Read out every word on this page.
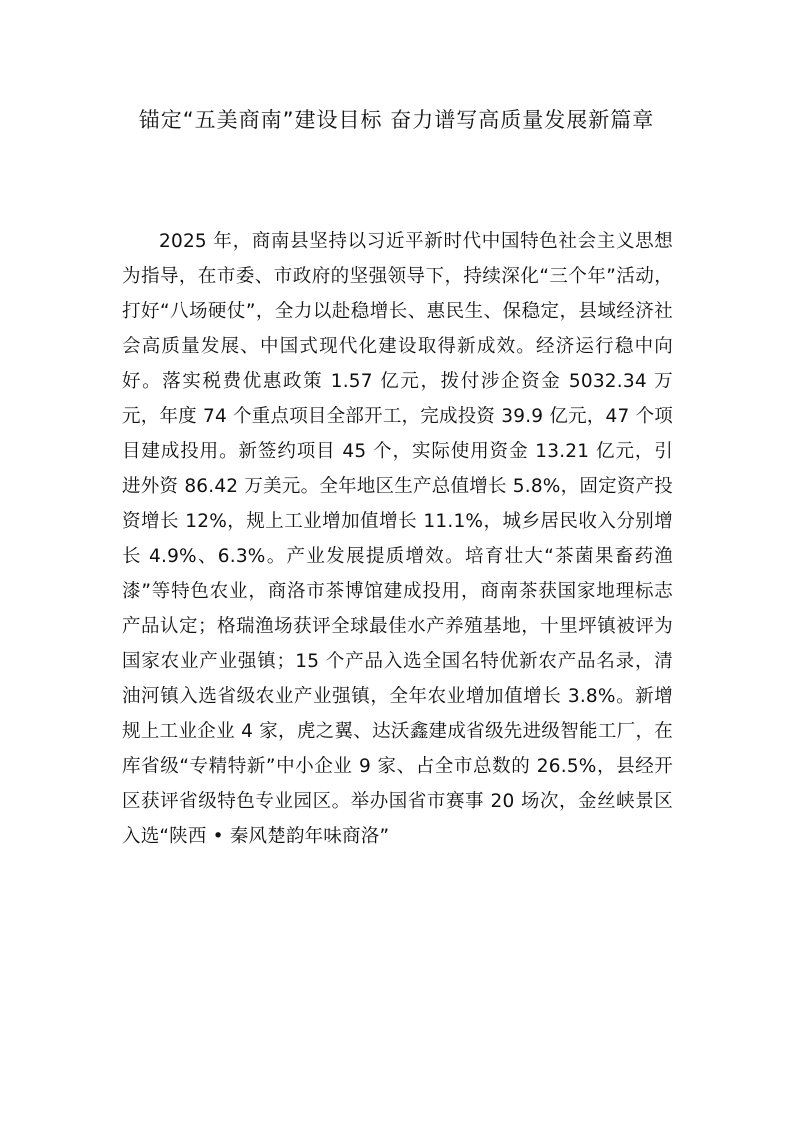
锚定“五美商南”建设目标 奋力谱写高质量发展新篇章

2025 年，商南县坚持以习近平新时代中国特色社会主义思想为指导，在市委、市政府的坚强领导下，持续深化“三个年”活动，打好“八场硬仗”，全力以赴稳增长、惠民生、保稳定，县域经济社会高质量发展、中国式现代化建设取得新成效。经济运行稳中向好。落实税费优惠政策 1.57 亿元，拨付涉企资金 5032.34 万元，年度 74 个重点项目全部开工，完成投资 39.9 亿元，47 个项目建成投用。新签约项目 45 个，实际使用资金 13.21 亿元，引进外资 86.42 万美元。全年地区生产总值增长 5.8%，固定资产投资增长 12%，规上工业增加值增长 11.1%，城乡居民收入分别增长 4.9%、6.3%。产业发展提质增效。培育壮大“茶菌果畜药渔漆”等特色农业，商洛市茶博馆建成投用，商南茶获国家地理标志产品认定；格瑞渔场获评全球最佳水产养殖基地，十里坪镇被评为国家农业产业强镇；15 个产品入选全国名特优新农产品名录，清油河镇入选省级农业产业强镇，全年农业增加值增长 3.8%。新增规上工业企业 4 家，虎之翼、达沃鑫建成省级先进级智能工厂，在库省级“专精特新”中小企业 9 家、占全市总数的 26.5%，县经开区获评省级特色专业园区。举办国省市赛事 20 场次，金丝峡景区入选“陕西 • 秦风楚韵年味商洛”
